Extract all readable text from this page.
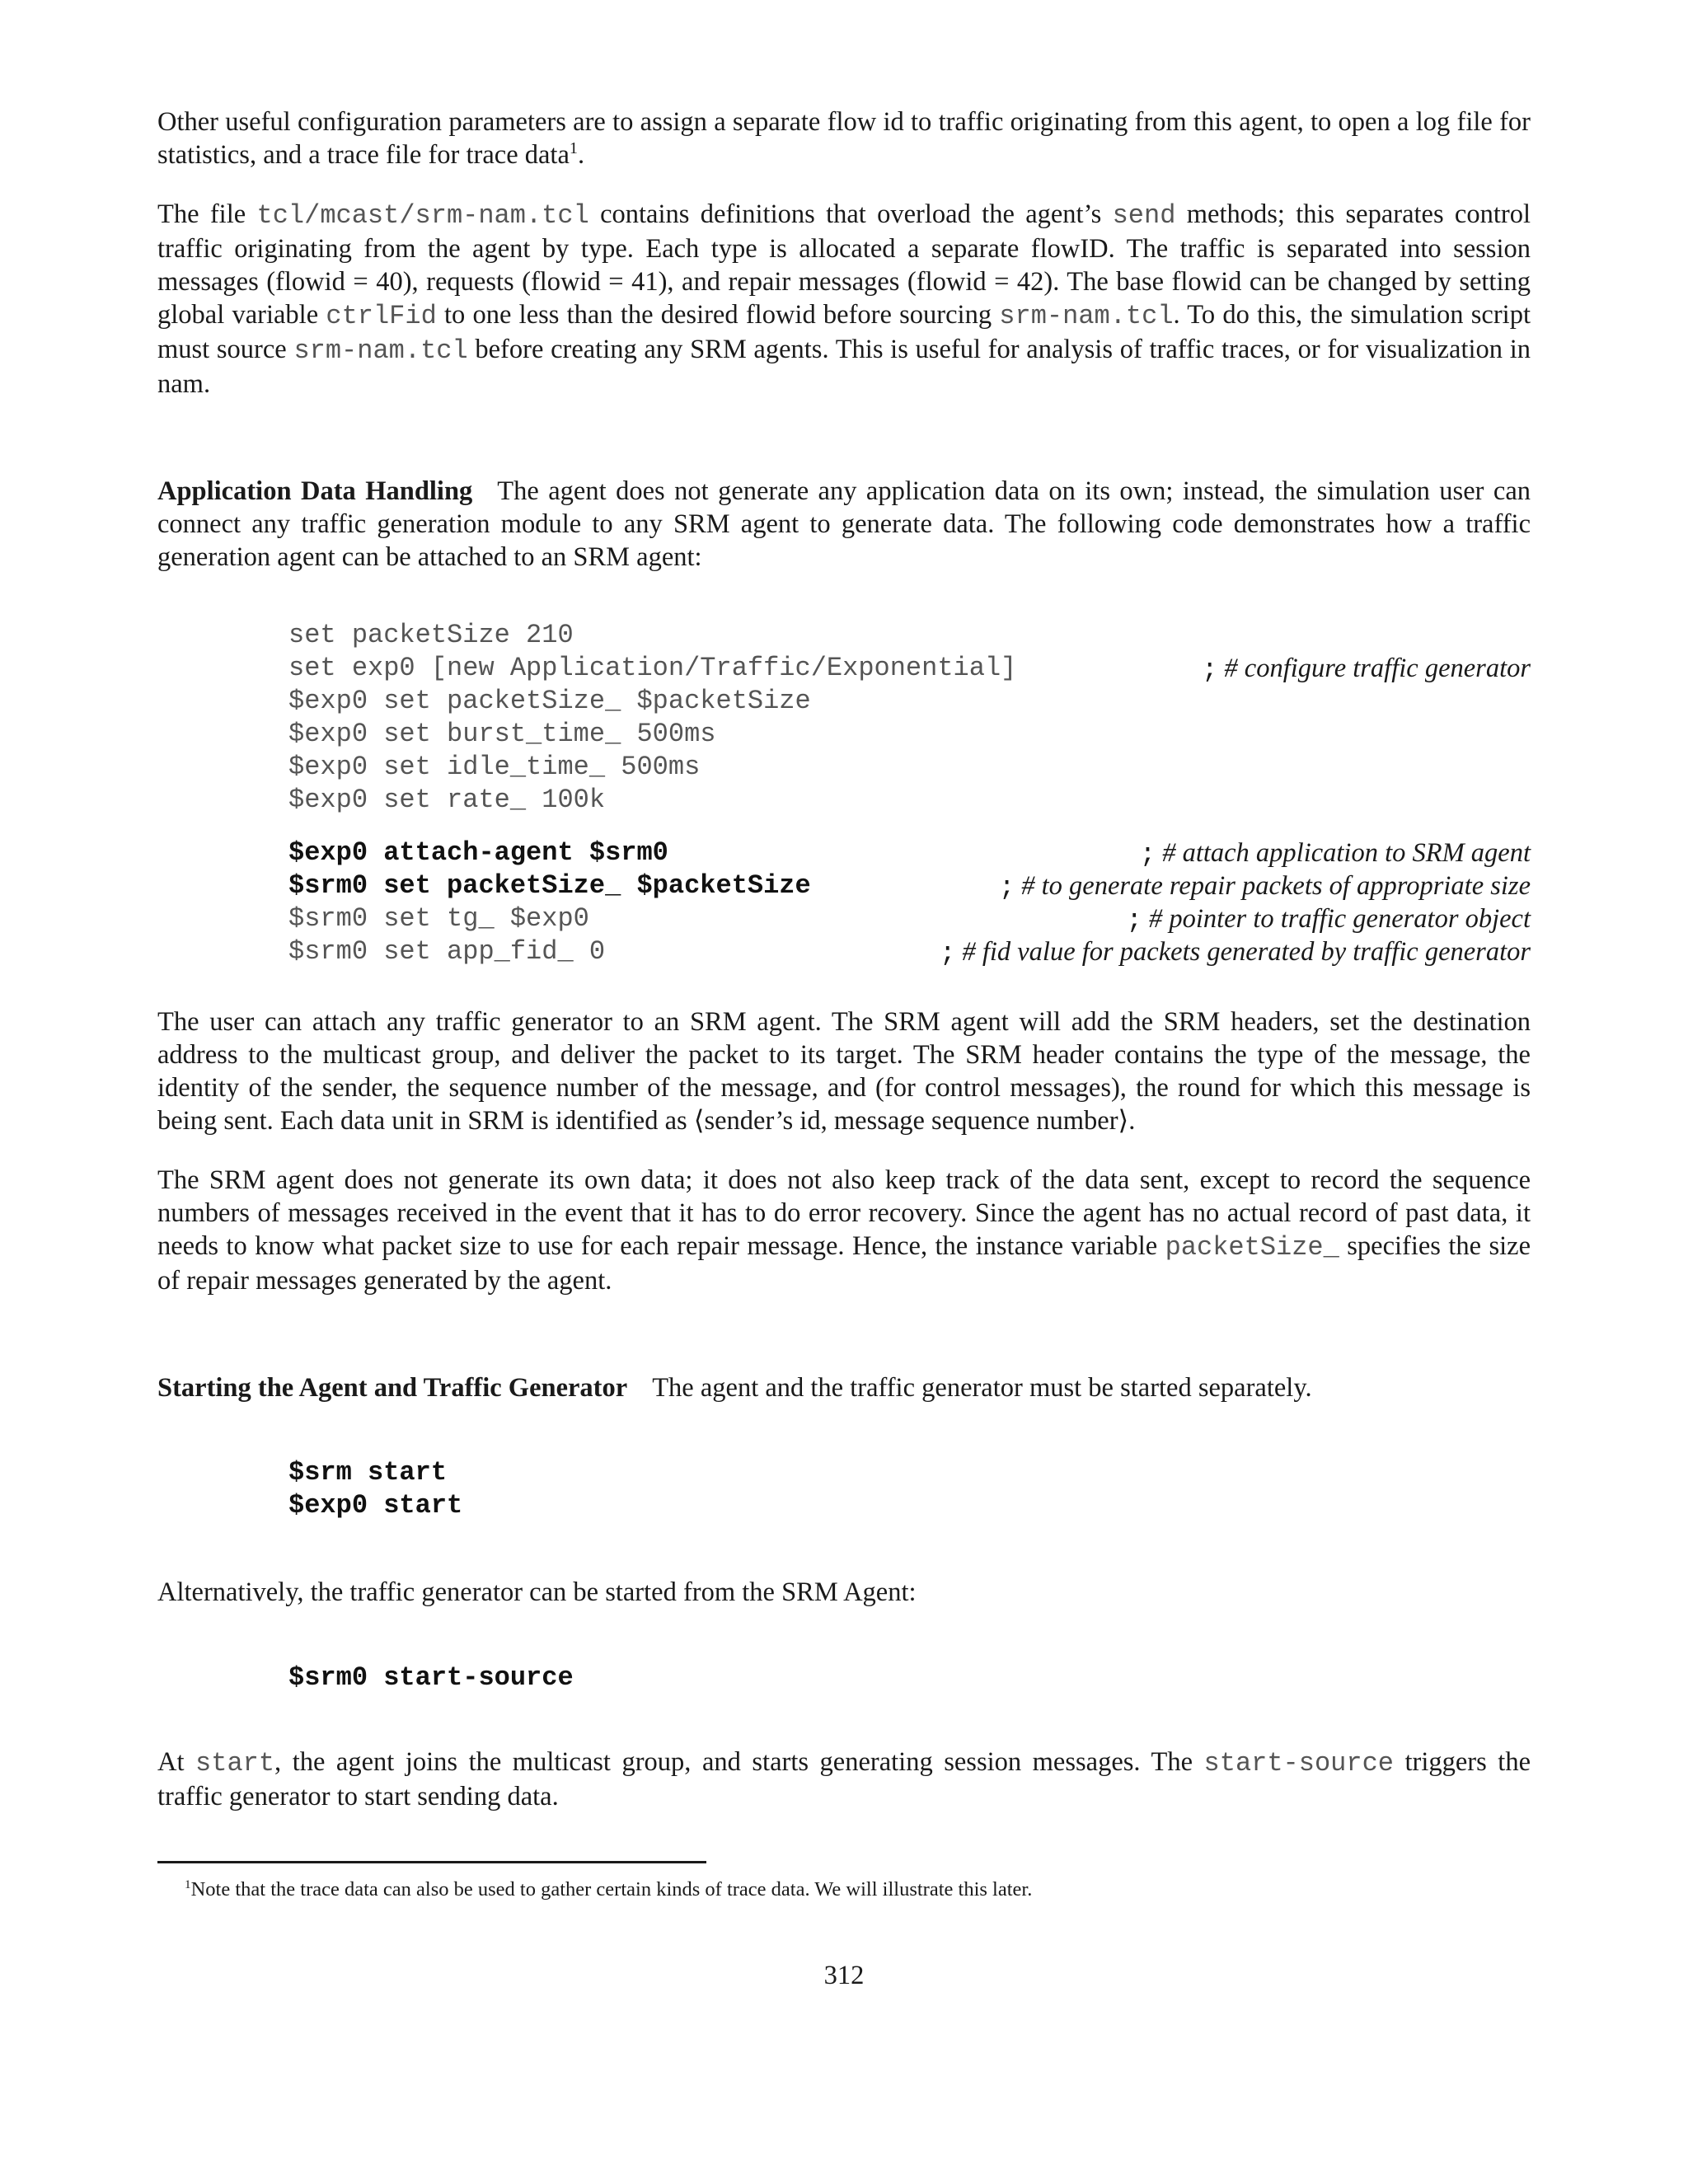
Other useful configuration parameters are to assign a separate flow id to traffic originating from this agent, to open a log file for statistics, and a trace file for trace data$^1$.

The file tcl/mcast/srm-nam.tcl contains definitions that overload the agent’s send methods; this separates control traffic originating from the agent by type. Each type is allocated a separate flowID. The traffic is separated into session messages (flowid = 40), requests (flowid = 41), and repair messages (flowid = 42). The base flowid can be changed by setting global variable ctrlFid to one less than the desired flowid before sourcing srm-nam.tcl. To do this, the simulation script must source srm-nam.tcl before creating any SRM agents. This is useful for analysis of traffic traces, or for visualization in nam.

Application Data Handling The agent does not generate any application data on its own; instead, the simulation user can connect any traffic generation module to any SRM agent to generate data. The following code demonstrates how a traffic generation agent can be attached to an SRM agent:

set packetSize 210
set exp0 [new Application/Traffic/Exponential]	; # configure traffic generator
$exp0 set packetSize_ $packetSize
$exp0 set burst_time_ 500ms
$exp0 set idle_time_ 500ms
$exp0 set rate_ 100k
$exp0 attach-agent $srm0	; # attach application to SRM agent
$srm0 set packetSize_ $packetSize	; # to generate repair packets of appropriate size
$srm0 set tg_ $exp0	; # pointer to traffic generator object
$srm0 set app_fid_ 0	; # fid value for packets generated by traffic generator

The user can attach any traffic generator to an SRM agent. The SRM agent will add the SRM headers, set the destination address to the multicast group, and deliver the packet to its target. The SRM header contains the type of the message, the identity of the sender, the sequence number of the message, and (for control messages), the round for which this message is being sent. Each data unit in SRM is identified as ⟨sender’s id, message sequence number⟩.

The SRM agent does not generate its own data; it does not also keep track of the data sent, except to record the sequence numbers of messages received in the event that it has to do error recovery. Since the agent has no actual record of past data, it needs to know what packet size to use for each repair message. Hence, the instance variable packetSize_ specifies the size of repair messages generated by the agent.

Starting the Agent and Traffic Generator The agent and the traffic generator must be started separately.

$srm start
$exp0 start

Alternatively, the traffic generator can be started from the SRM Agent:

$srm0 start-source

At start, the agent joins the multicast group, and starts generating session messages. The start-source triggers the traffic generator to start sending data.

$^1$Note that the trace data can also be used to gather certain kinds of trace data. We will illustrate this later.
312
